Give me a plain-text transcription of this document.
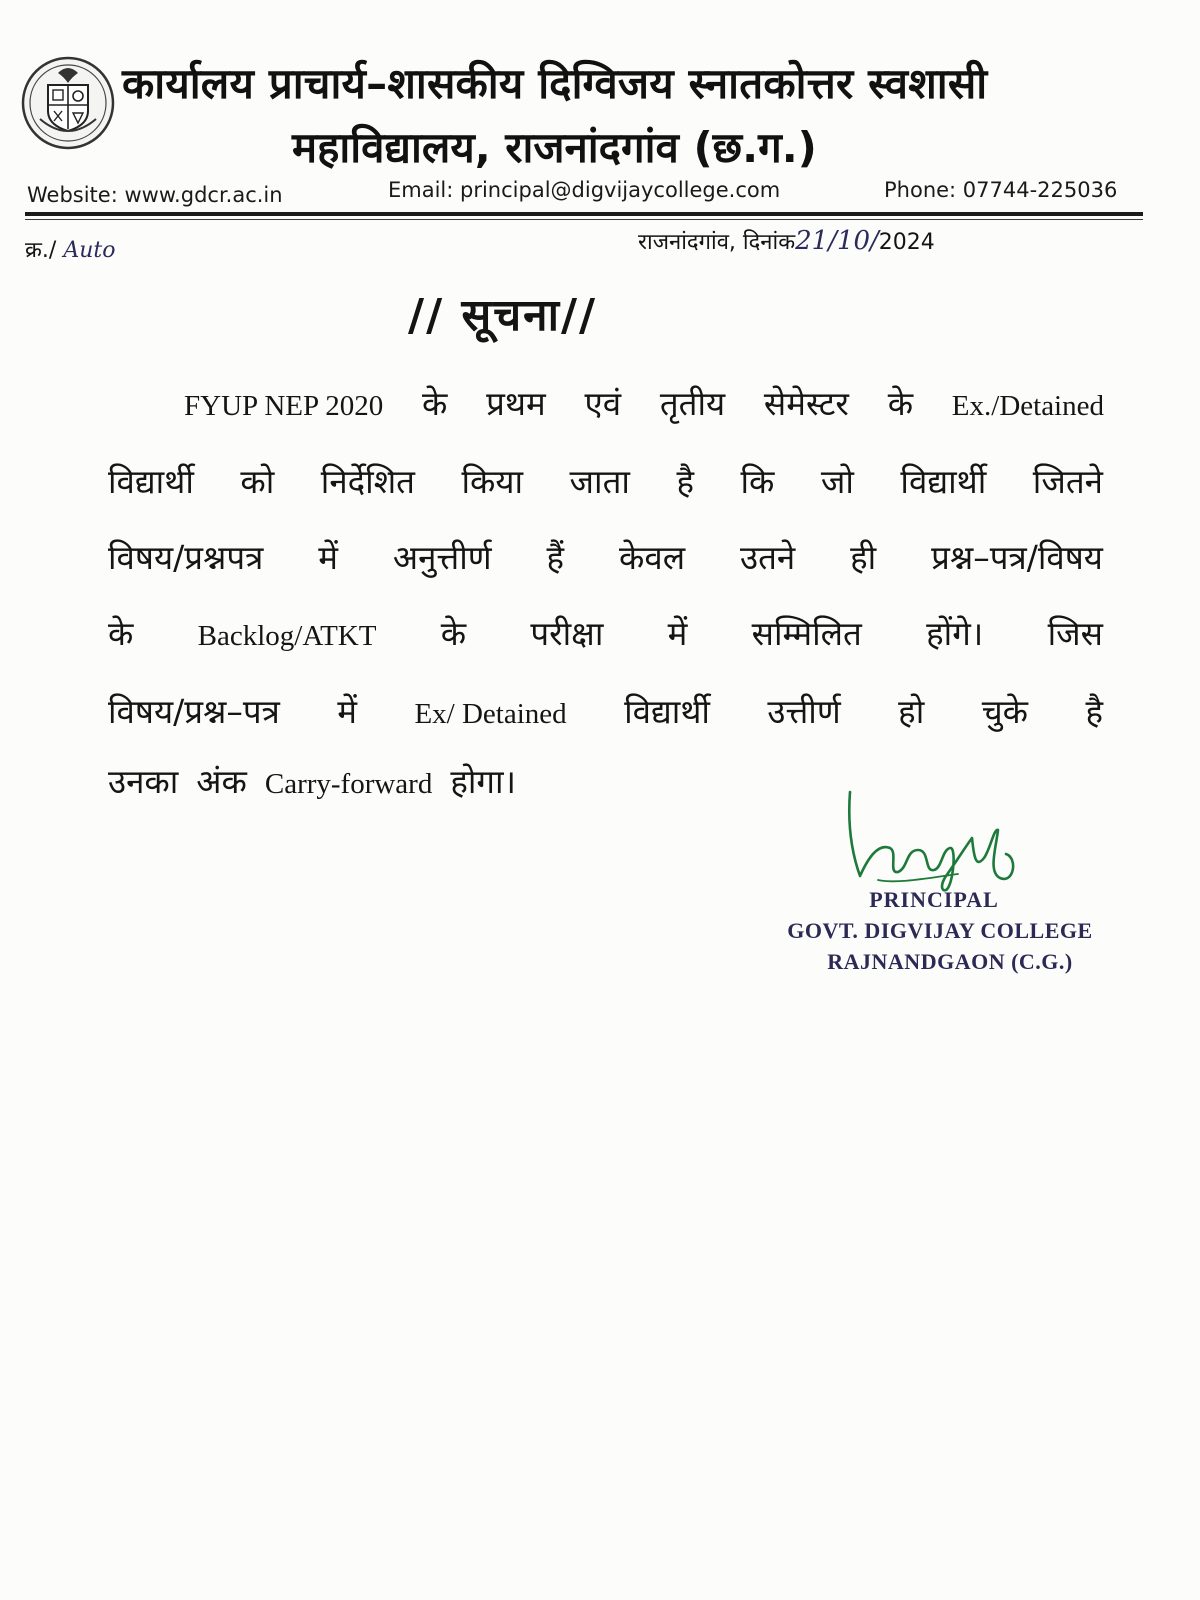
कार्यालय प्राचार्य–शासकीय दिग्विजय स्नातकोत्तर स्वशासी
महाविद्यालय, राजनांदगांव (छ.ग.)
Website: www.gdcr.ac.in	Email: principal@digvijaycollege.com	Phone: 07744-225036
क्र./ Auto	राजनांदगांव, दिनांक21/10/2024
// सूचना//
FYUP NEP 2020 के प्रथम एवं तृतीय सेमेस्टर के Ex./Detained
विद्यार्थी को निर्देशित किया जाता है कि जो विद्यार्थी जितने
विषय/प्रश्नपत्र में अनुत्तीर्ण हैं केवल उतने ही प्रश्न–पत्र/विषय
के Backlog/ATKT के परीक्षा में सम्मिलित होंगे। जिस
विषय/प्रश्न–पत्र में Ex/ Detained विद्यार्थी उत्तीर्ण हो चुके है
उनका अंक Carry-forward होगा।
PRINCIPAL
GOVT. DIGVIJAY COLLEGE
RAJNANDGAON (C.G.)
